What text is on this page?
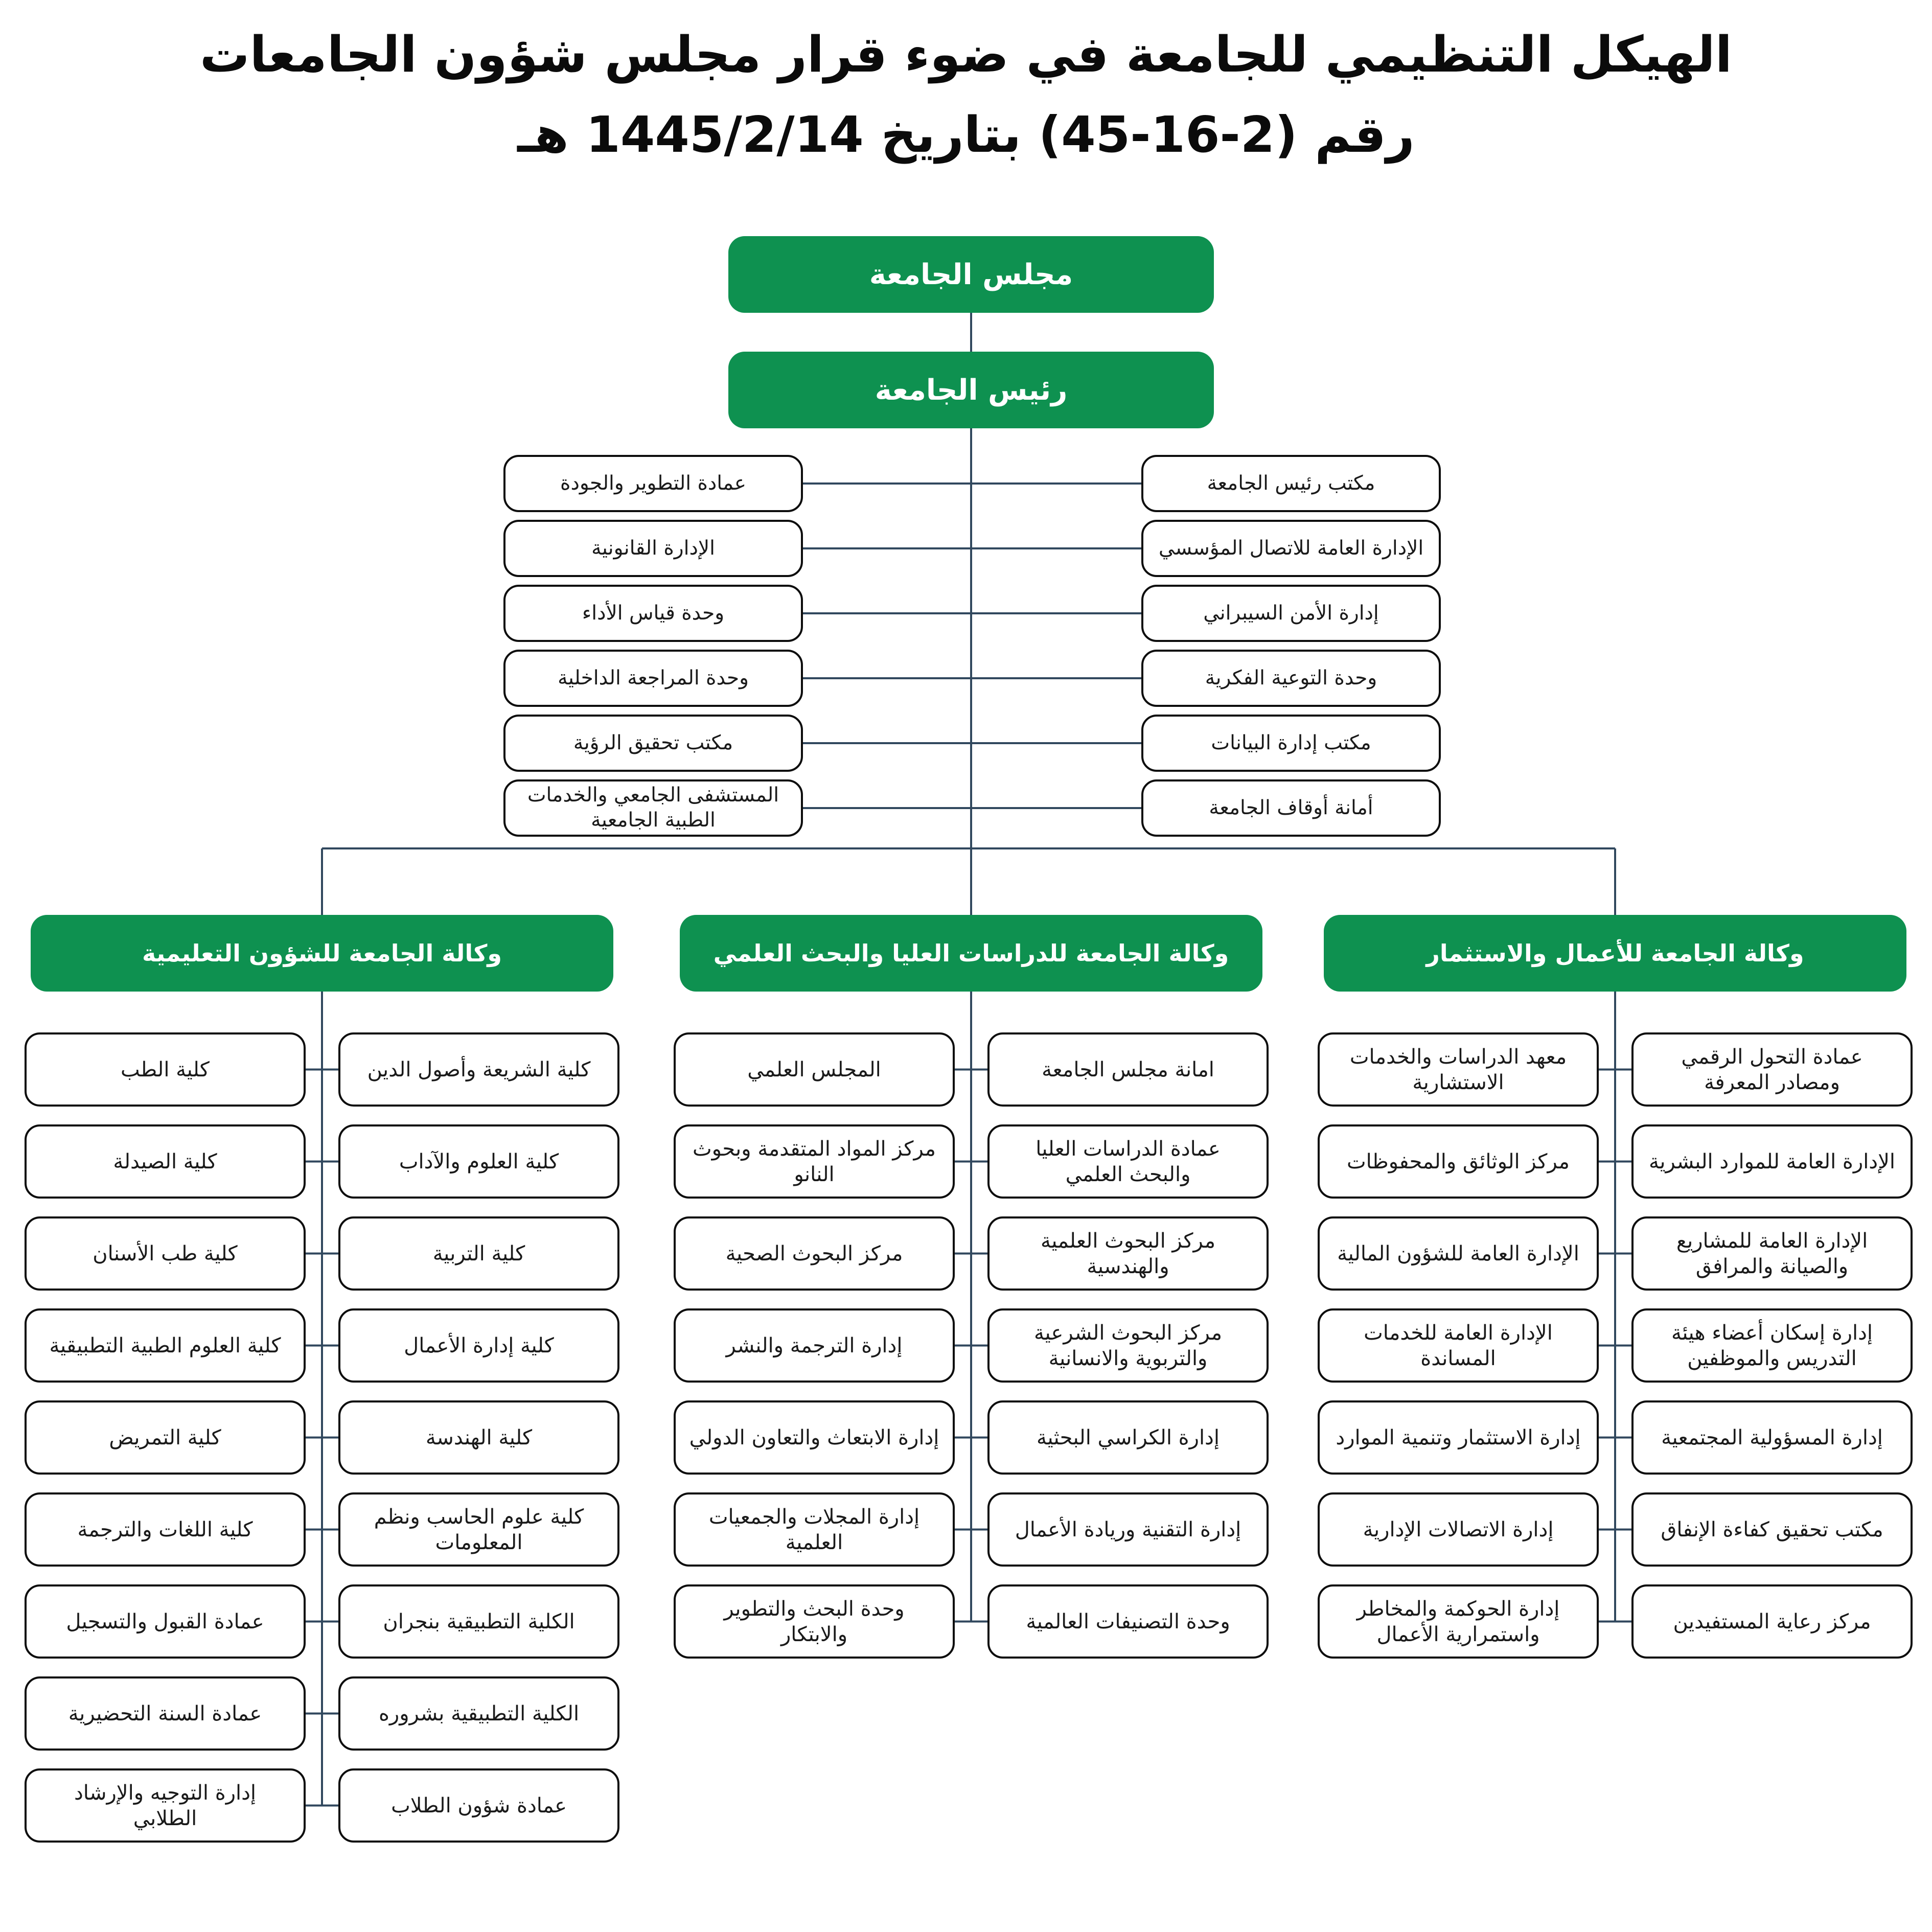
الهيكل التنظيمي للجامعة في ضوء قرار مجلس شؤون الجامعات
رقم (2-16-45) بتاريخ 1445/2/14 هـ
مجلس الجامعة
رئيس الجامعة
عمادة التطوير والجودة
الإدارة القانونية
وحدة قياس الأداء
وحدة المراجعة الداخلية
مكتب تحقيق الرؤية
المستشفى الجامعي والخدمات الطبية الجامعية
مكتب رئيس الجامعة
الإدارة العامة للاتصال المؤسسي
إدارة الأمن السيبراني
وحدة التوعية الفكرية
مكتب إدارة البيانات
أمانة أوقاف الجامعة
وكالة الجامعة للشؤون التعليمية
كلية الطب
كلية الصيدلة
كلية طب الأسنان
كلية العلوم الطبية التطبيقية
كلية التمريض
كلية اللغات والترجمة
عمادة القبول والتسجيل
عمادة السنة التحضيرية
إدارة التوجيه والإرشاد الطلابي
كلية الشريعة وأصول الدين
كلية العلوم والآداب
كلية التربية
كلية إدارة الأعمال
كلية الهندسة
كلية علوم الحاسب ونظم المعلومات
الكلية التطبيقية بنجران
الكلية التطبيقية بشروره
عمادة شؤون الطلاب
وكالة الجامعة للدراسات العليا والبحث العلمي
المجلس العلمي
مركز المواد المتقدمة وبحوث النانو
مركز البحوث الصحية
إدارة الترجمة والنشر
إدارة الابتعاث والتعاون الدولي
إدارة المجلات والجمعيات العلمية
وحدة البحث والتطوير والابتكار
امانة مجلس الجامعة
عمادة الدراسات العليا والبحث العلمي
مركز البحوث العلمية والهندسية
مركز البحوث الشرعية والتربوية والانسانية
إدارة الكراسي البحثية
إدارة التقنية وريادة الأعمال
وحدة التصنيفات العالمية
وكالة الجامعة للأعمال والاستثمار
معهد الدراسات والخدمات الاستشارية
مركز الوثائق والمحفوظات
الإدارة العامة للشؤون المالية
الإدارة العامة للخدمات المساندة
إدارة الاستثمار وتنمية الموارد
إدارة الاتصالات الإدارية
إدارة الحوكمة والمخاطر واستمرارية الأعمال
عمادة التحول الرقمي ومصادر المعرفة
الإدارة العامة للموارد البشرية
الإدارة العامة للمشاريع والصيانة والمرافق
إدارة إسكان أعضاء هيئة التدريس والموظفين
إدارة المسؤولية المجتمعية
مكتب تحقيق كفاءة الإنفاق
مركز رعاية المستفيدين
